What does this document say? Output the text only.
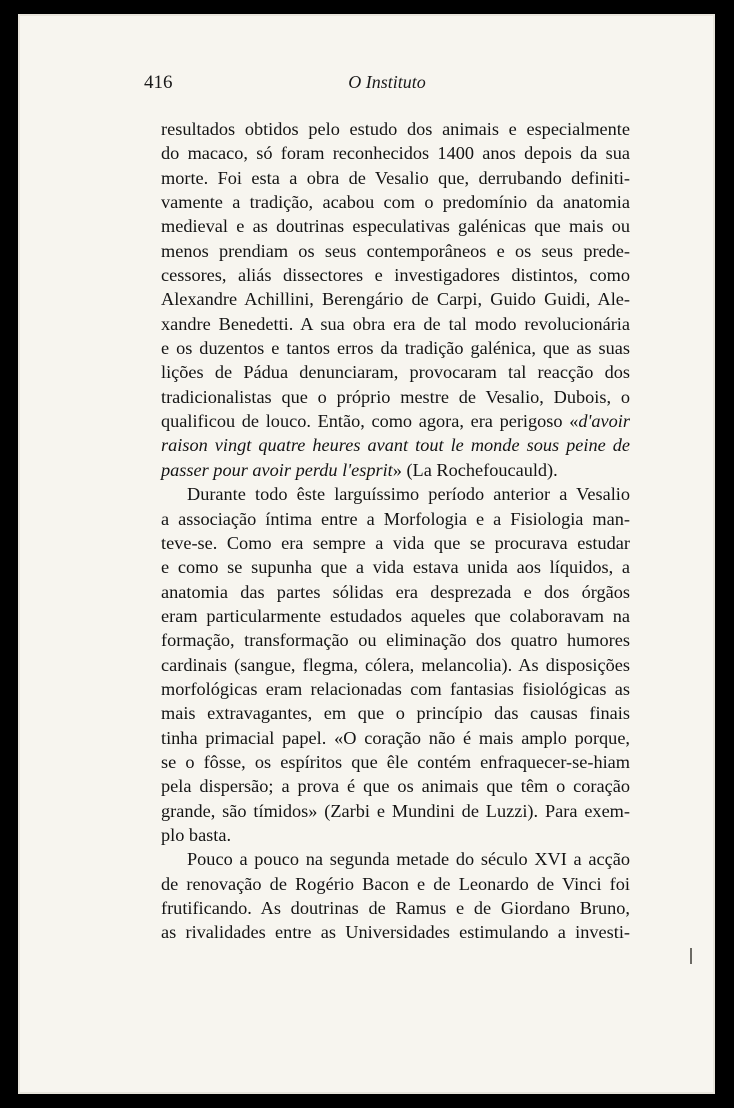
416	O Instituto

resultados obtidos pelo estudo dos animais e especialmente
do macaco, só foram reconhecidos 1400 anos depois da sua
morte. Foi esta a obra de Vesalio que, derrubando definiti-
vamente a tradição, acabou com o predomínio da anatomia
medieval e as doutrinas especulativas galénicas que mais ou
menos prendiam os seus contemporâneos e os seus prede-
cessores, aliás dissectores e investigadores distintos, como
Alexandre Achillini, Berengário de Carpi, Guido Guidi, Ale-
xandre Benedetti. A sua obra era de tal modo revolucionária
e os duzentos e tantos erros da tradição galénica, que as suas
lições de Pádua denunciaram, provocaram tal reacção dos
tradicionalistas que o próprio mestre de Vesalio, Dubois, o
qualificou de louco. Então, como agora, era perigoso «d'avoir
raison vingt quatre heures avant tout le monde sous peine de
passer pour avoir perdu l'esprit» (La Rochefoucauld).

Durante todo êste larguíssimo período anterior a Vesalio
a associação íntima entre a Morfologia e a Fisiologia man-
teve-se. Como era sempre a vida que se procurava estudar
e como se supunha que a vida estava unida aos líquidos, a
anatomia das partes sólidas era desprezada e dos órgãos
eram particularmente estudados aqueles que colaboravam na
formação, transformação ou eliminação dos quatro humores
cardinais (sangue, flegma, cólera, melancolia). As disposições
morfológicas eram relacionadas com fantasias fisiológicas as
mais extravagantes, em que o princípio das causas finais
tinha primacial papel. «O coração não é mais amplo porque,
se o fôsse, os espíritos que êle contém enfraquecer-se-hiam
pela dispersão; a prova é que os animais que têm o coração
grande, são tímidos» (Zarbi e Mundini de Luzzi). Para exem-
plo basta.

Pouco a pouco na segunda metade do século XVI a acção
de renovação de Rogério Bacon e de Leonardo de Vinci foi
frutificando. As doutrinas de Ramus e de Giordano Bruno,
as rivalidades entre as Universidades estimulando a investi-
